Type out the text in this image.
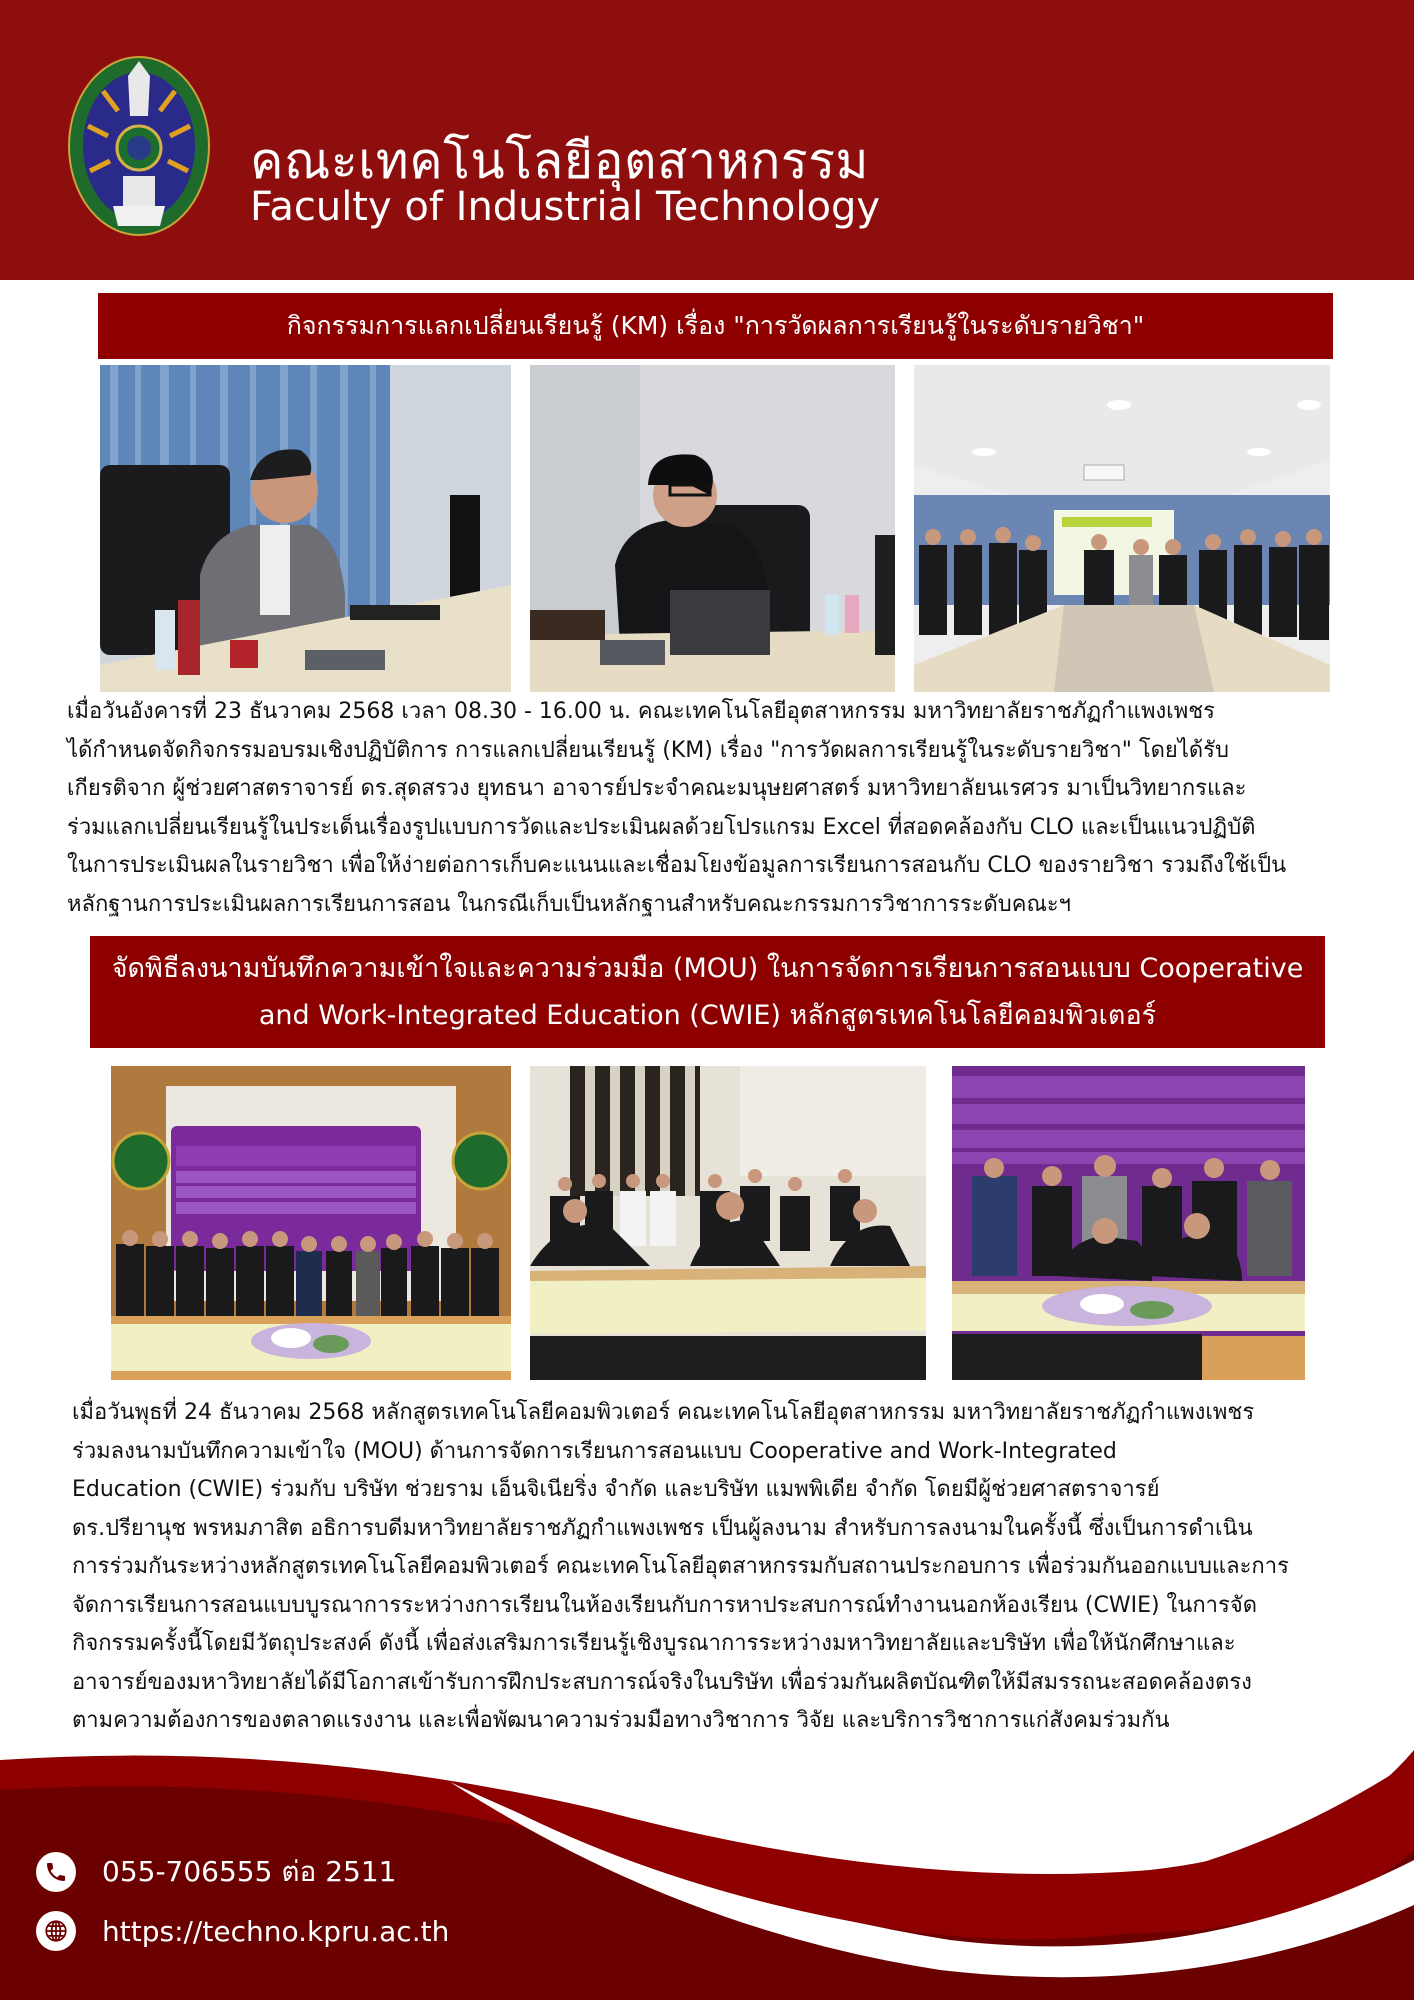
คณะเทคโนโลยีอุตสาหกรรม
Faculty of Industrial Technology
กิจกรรมการแลกเปลี่ยนเรียนรู้ (KM) เรื่อง "การวัดผลการเรียนรู้ในระดับรายวิชา"
เมื่อวันอังคารที่ 23 ธันวาคม 2568 เวลา 08.30 - 16.00 น. คณะเทคโนโลยีอุตสาหกรรม มหาวิทยาลัยราชภัฏกำแพงเพชร
ได้กำหนดจัดกิจกรรมอบรมเชิงปฏิบัติการ การแลกเปลี่ยนเรียนรู้ (KM) เรื่อง "การวัดผลการเรียนรู้ในระดับรายวิชา" โดยได้รับ
เกียรติจาก ผู้ช่วยศาสตราจารย์ ดร.สุดสรวง ยุทธนา อาจารย์ประจำคณะมนุษยศาสตร์ มหาวิทยาลัยนเรศวร มาเป็นวิทยากรและ
ร่วมแลกเปลี่ยนเรียนรู้ในประเด็นเรื่องรูปแบบการวัดและประเมินผลด้วยโปรแกรม Excel ที่สอดคล้องกับ CLO และเป็นแนวปฏิบัติ
ในการประเมินผลในรายวิชา เพื่อให้ง่ายต่อการเก็บคะแนนและเชื่อมโยงข้อมูลการเรียนการสอนกับ CLO ของรายวิชา รวมถึงใช้เป็น
หลักฐานการประเมินผลการเรียนการสอน ในกรณีเก็บเป็นหลักฐานสำหรับคณะกรรมการวิชาการระดับคณะฯ
จัดพิธีลงนามบันทึกความเข้าใจและความร่วมมือ (MOU) ในการจัดการเรียนการสอนแบบ Cooperative
and Work-Integrated Education (CWIE) หลักสูตรเทคโนโลยีคอมพิวเตอร์
เมื่อวันพุธที่ 24 ธันวาคม 2568 หลักสูตรเทคโนโลยีคอมพิวเตอร์ คณะเทคโนโลยีอุตสาหกรรม มหาวิทยาลัยราชภัฏกำแพงเพชร
ร่วมลงนามบันทึกความเข้าใจ (MOU) ด้านการจัดการเรียนการสอนแบบ Cooperative and Work-Integrated
Education (CWIE) ร่วมกับ บริษัท ช่วยราม เอ็นจิเนียริ่ง จำกัด และบริษัท แมพพิเดีย จำกัด โดยมีผู้ช่วยศาสตราจารย์
ดร.ปรียานุช พรหมภาสิต อธิการบดีมหาวิทยาลัยราชภัฏกำแพงเพชร เป็นผู้ลงนาม สำหรับการลงนามในครั้งนี้ ซึ่งเป็นการดำเนิน
การร่วมกันระหว่างหลักสูตรเทคโนโลยีคอมพิวเตอร์ คณะเทคโนโลยีอุตสาหกรรมกับสถานประกอบการ เพื่อร่วมกันออกแบบและการ
จัดการเรียนการสอนแบบบูรณาการระหว่างการเรียนในห้องเรียนกับการหาประสบการณ์ทำงานนอกห้องเรียน (CWIE) ในการจัด
กิจกรรมครั้งนี้โดยมีวัตถุประสงค์ ดังนี้ เพื่อส่งเสริมการเรียนรู้เชิงบูรณาการระหว่างมหาวิทยาลัยและบริษัท เพื่อให้นักศึกษาและ
อาจารย์ของมหาวิทยาลัยได้มีโอกาสเข้ารับการฝึกประสบการณ์จริงในบริษัท เพื่อร่วมกันผลิตบัณฑิตให้มีสมรรถนะสอดคล้องตรง
ตามความต้องการของตลาดแรงงาน และเพื่อพัฒนาความร่วมมือทางวิชาการ วิจัย และบริการวิชาการแก่สังคมร่วมกัน
055-706555 ต่อ 2511
https://techno.kpru.ac.th
